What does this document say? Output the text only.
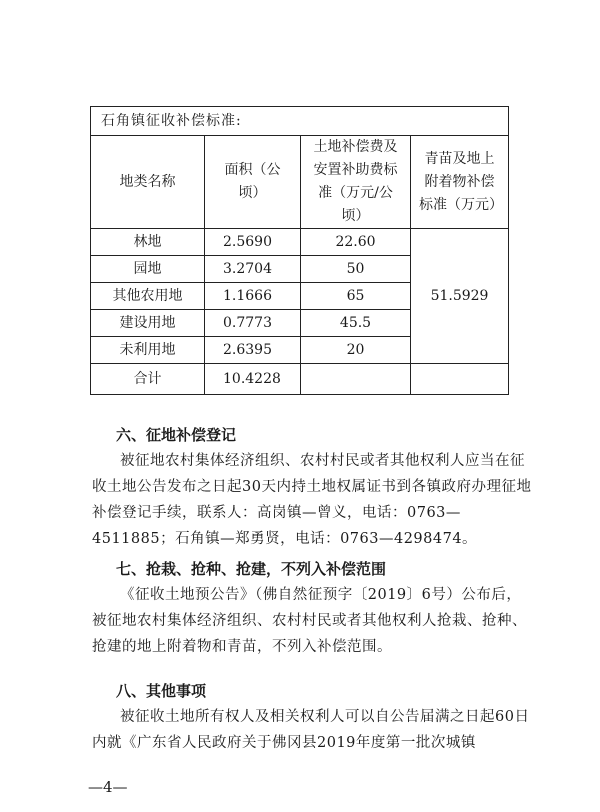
石角镇征收补偿标准:			
地类名称	面积（公顷）	土地补偿费及安置补助费标准（万元/公顷）	青苗及地上附着物补偿标准（万元）
林地	2.5690	22.60	51.5929
园地	3.2704	50	
其他农用地	1.1666	65	
建设用地	0.7773	45.5	
未利用地	2.6395	20	
合计	10.4228		
六、征地补偿登记
被征地农村集体经济组织、农村村民或者其他权利人应当在征收土地公告发布之日起30天内持土地权属证书到各镇政府办理征地补偿登记手续，联系人：高岗镇—曾义，电话：0763—4511885；石角镇—郑勇贤，电话：0763—4298474。
七、抢栽、抢种、抢建，不列入补偿范围
《征收土地预公告》（佛自然征预字〔2019〕6号）公布后，被征地农村集体经济组织、农村村民或者其他权利人抢栽、抢种、抢建的地上附着物和青苗，不列入补偿范围。
八、其他事项
被征收土地所有权人及相关权利人可以自公告届满之日起60日内就《广东省人民政府关于佛冈县2019年度第一批次城镇
—4—
